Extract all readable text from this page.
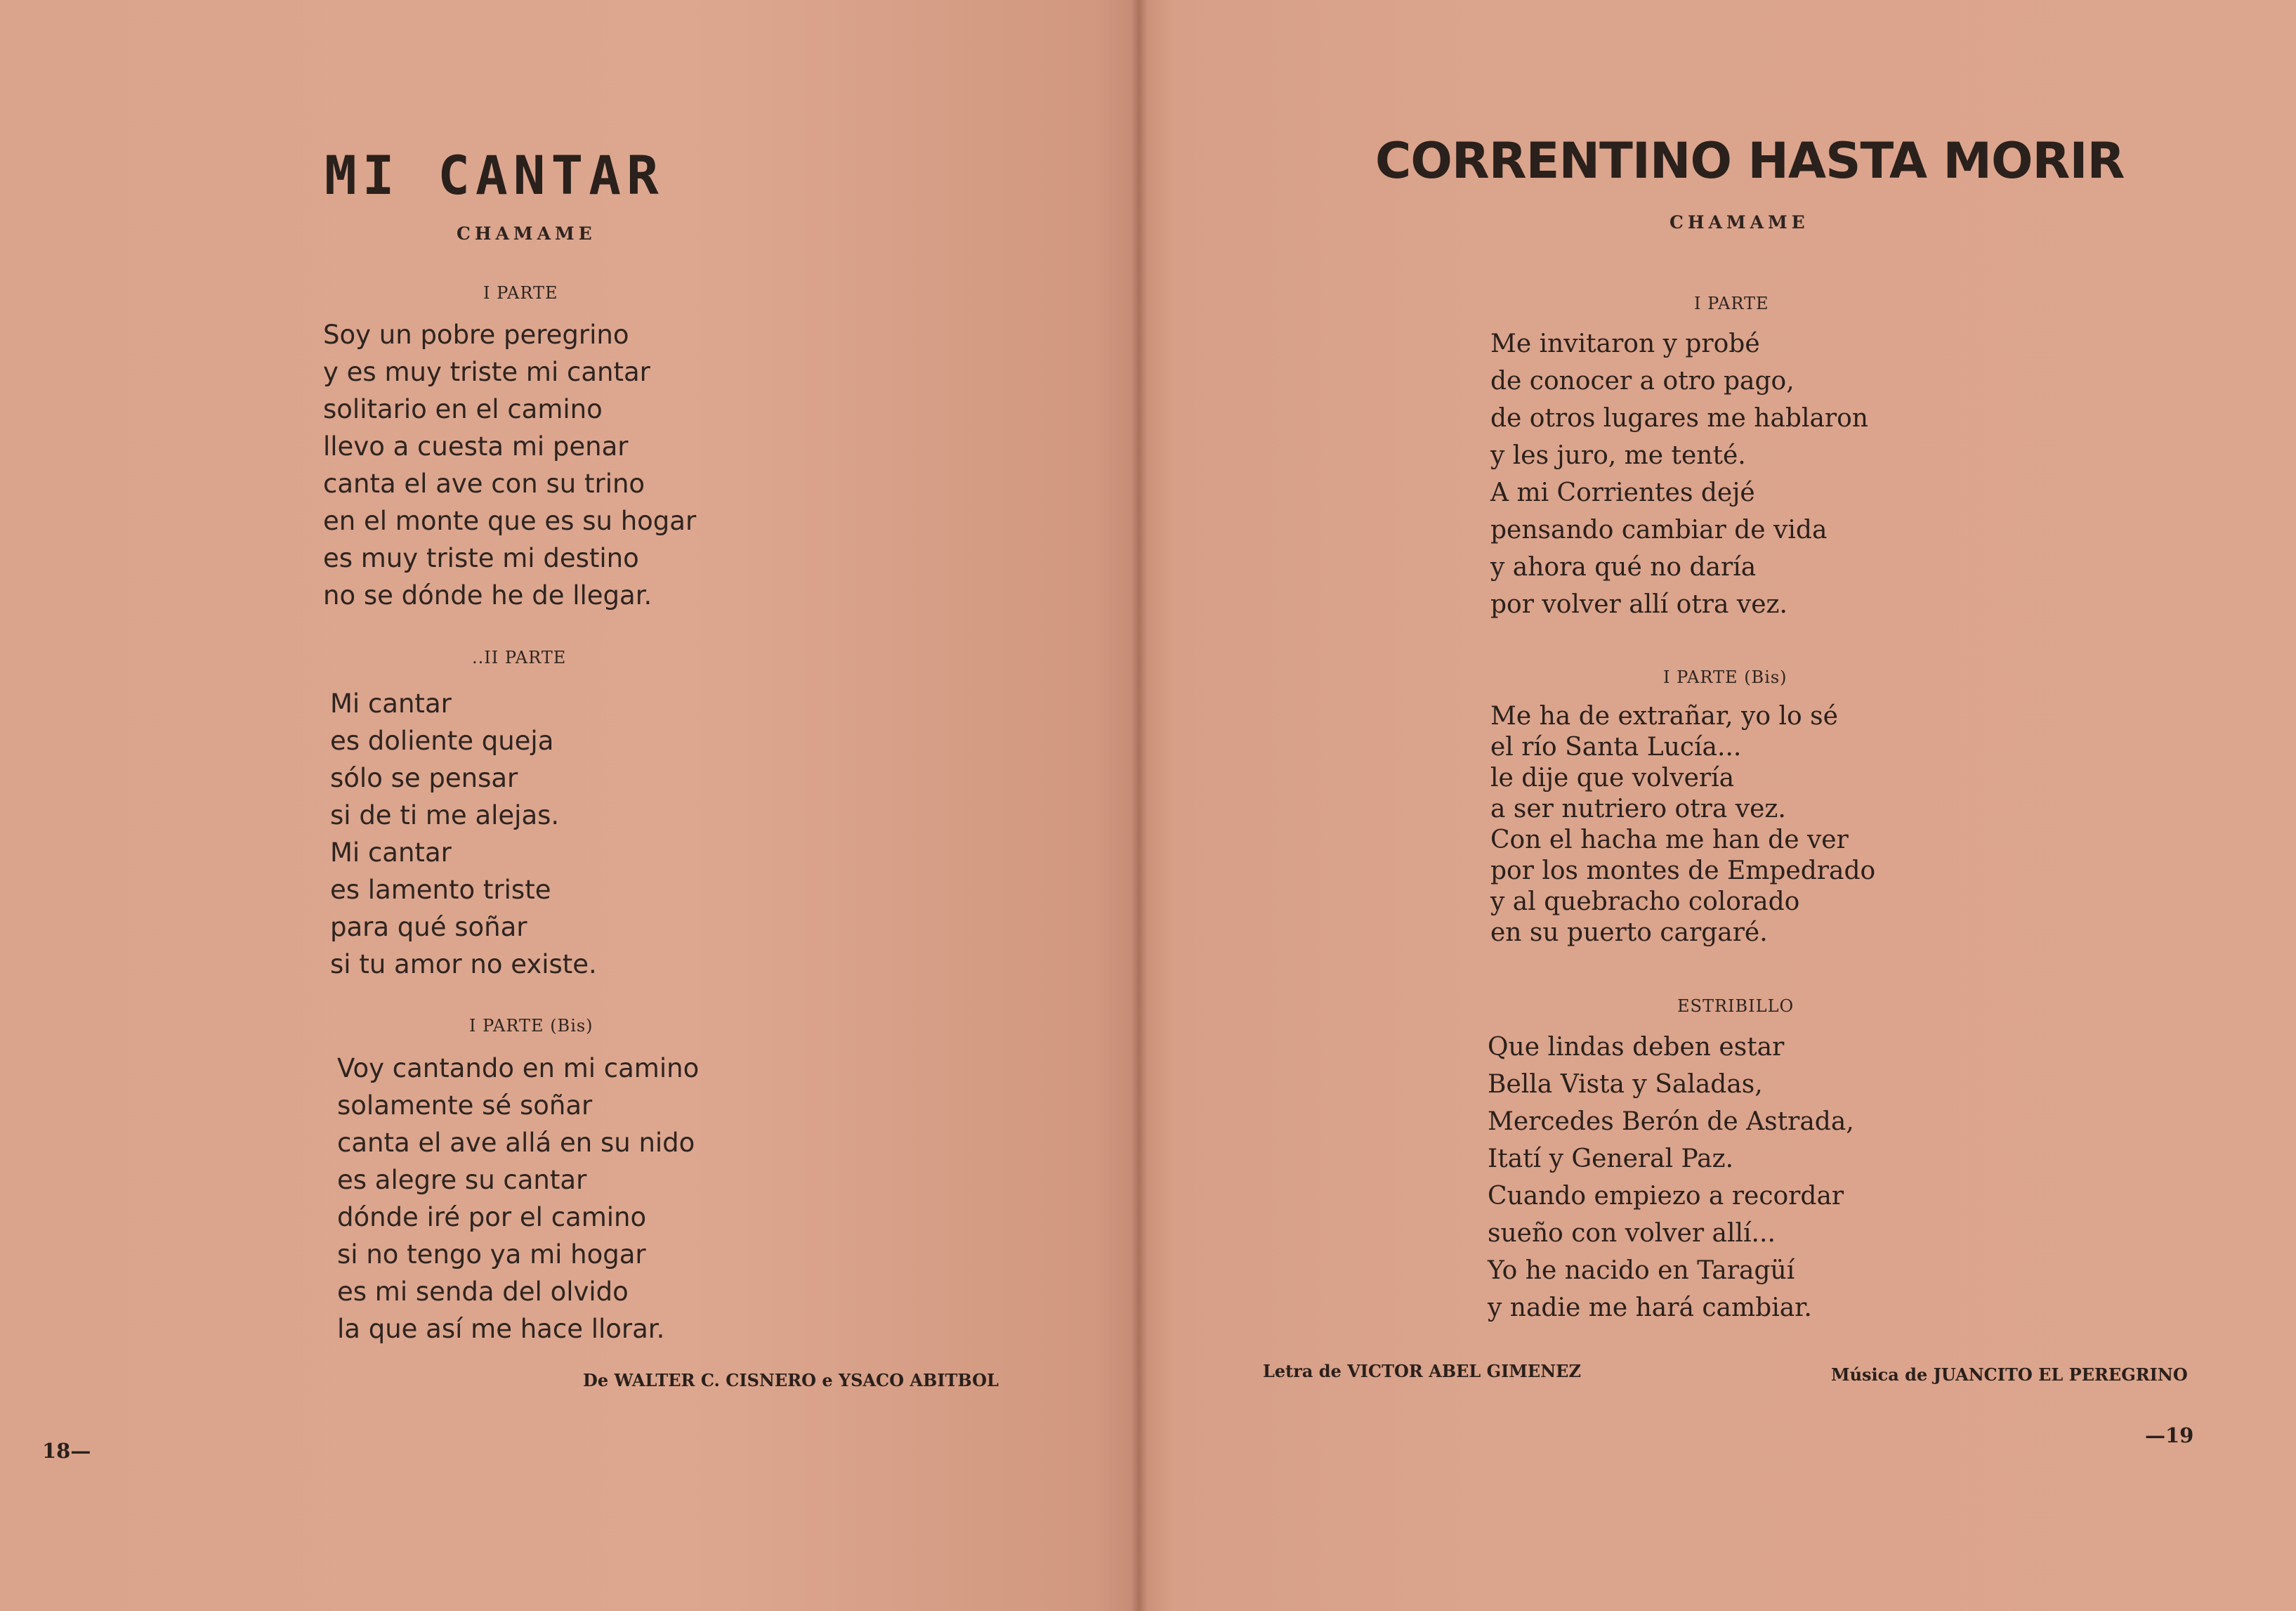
MI CANTAR
CHAMAME
I PARTE
Soy un pobre peregrino
y es muy triste mi cantar
solitario en el camino
llevo a cuesta mi penar
canta el ave con su trino
en el monte que es su hogar
es muy triste mi destino
no se dónde he de llegar.
..II PARTE
Mi cantar
es doliente queja
sólo se pensar
si de ti me alejas.
Mi cantar
es lamento triste
para qué soñar
si tu amor no existe.
I PARTE (Bis)
Voy cantando en mi camino
solamente sé soñar
canta el ave allá en su nido
es alegre su cantar
dónde iré por el camino
si no tengo ya mi hogar
es mi senda del olvido
la que así me hace llorar.
De WALTER C. CISNERO e YSACO ABITBOL
18—
CORRENTINO HASTA MORIR
CHAMAME
I PARTE
Me invitaron y probé
de conocer a otro pago,
de otros lugares me hablaron
y les juro, me tenté.
A mi Corrientes dejé
pensando cambiar de vida
y ahora qué no daría
por volver allí otra vez.
I PARTE (Bis)
Me ha de extrañar, yo lo sé
el río Santa Lucía...
le dije que volvería
a ser nutriero otra vez.
Con el hacha me han de ver
por los montes de Empedrado
y al quebracho colorado
en su puerto cargaré.
ESTRIBILLO
Que lindas deben estar
Bella Vista y Saladas,
Mercedes Berón de Astrada,
Itatí y General Paz.
Cuando empiezo a recordar
sueño con volver allí...
Yo he nacido en Taragüí
y nadie me hará cambiar.
Letra de VICTOR ABEL GIMENEZ	Música de JUANCITO EL PEREGRINO
—19
